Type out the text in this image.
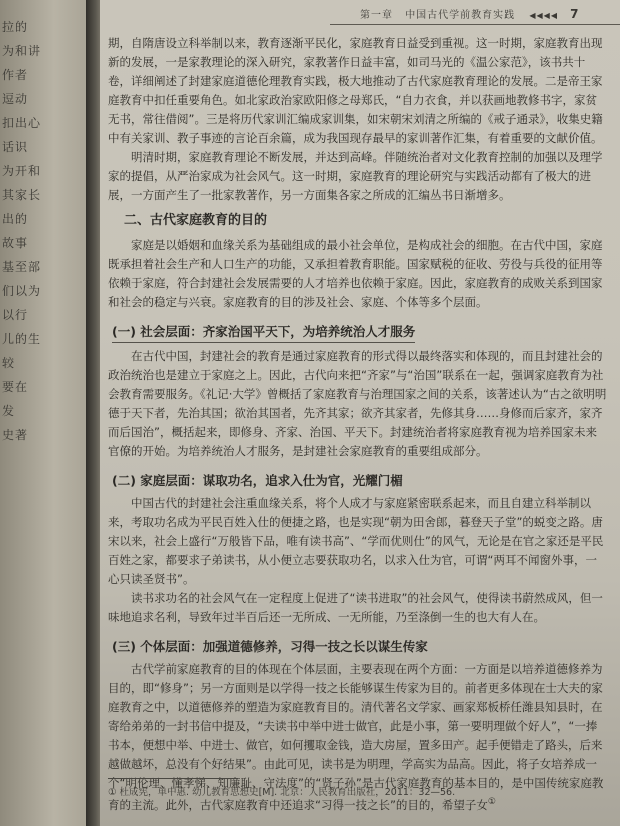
拉的
为和讲
作者
逗动
扣出心
话识
为开和
其家长
出的
故事
基至部
们以为
以行
儿的生
较
要在
发
史著
第一章 中国古代学前教育实践 ◀◀◀◀ 7

期，自隋唐设立科举制以来，教育逐渐平民化，家庭教育日益受到重视。这一时期，家庭教育出现新的发展，一是家教理论的深入研究，家教著作日益丰富，如司马光的《温公家范》，该书共十卷，详细阐述了封建家庭道德伦理教育实践，极大地推动了古代家庭教育理论的发展。二是帝王家庭教育中扣任重要角色。如北家政治家欧阳修之母郑氏，“自力衣食，并以获画地教修书字，家贫无书，常往借阅”。三是将历代家训汇编成家训集，如宋朝宋刘清之所编的《戒子通录》，收集史籍中有关家训、教子事迹的言论百余篇，成为我国现存最早的家训著作汇集，有着重要的文献价值。

明清时期，家庭教育理论不断发展，并达到高峰。伴随统治者对文化教育控制的加强以及理学家的提倡，从严治家成为社会风气。这一时期，家庭教育的理论研究与实践活动都有了极大的进展，一方面产生了一批家教著作，另一方面集各家之所成的汇编丛书日渐增多。

二、古代家庭教育的目的

家庭是以婚姻和血缘关系为基础组成的最小社会单位，是构成社会的细胞。在古代中国，家庭既承担着社会生产和人口生产的功能，又承担着教育职能。国家赋税的征收、劳役与兵役的征用等依赖于家庭，符合封建社会发展需要的人才培养也依赖于家庭。因此，家庭教育的成败关系到国家和社会的稳定与兴衰。家庭教育的目的涉及社会、家庭、个体等多个层面。

(一) 社会层面：齐家治国平天下，为培养统治人才服务

在古代中国，封建社会的教育是通过家庭教育的形式得以最终落实和体现的，而且封建社会的政治统治也是建立于家庭之上。因此，古代向来把“齐家”与“治国”联系在一起，强调家庭教育为社会教育需要服务。《礼记·大学》曾概括了家庭教育与治理国家之间的关系，该著述认为“古之欲明明德于天下者，先治其国；欲治其国者，先齐其家；欲齐其家者，先修其身……身修而后家齐，家齐而后国治”，概括起来，即修身、齐家、治国、平天下。封建统治者将家庭教育视为培养国家未来官僚的开始。为培养统治人才服务，是封建社会家庭教育的重要组成部分。

(二) 家庭层面：谋取功名，追求入仕为官，光耀门楣

中国古代的封建社会注重血缘关系，将个人成才与家庭紧密联系起来，而且自建立科举制以来，考取功名成为平民百姓入仕的便捷之路，也是实现“朝为田舍郎，暮登天子堂”的蜕变之路。唐宋以来，社会上盛行“万般皆下品，唯有读书高”、“学而优则仕”的风气，无论是在官之家还是平民百姓之家，都要求子弟读书，从小便立志要获取功名，以求入仕为官，可谓“两耳不闻窗外事，一心只读圣贤书”。

读书求功名的社会风气在一定程度上促进了“读书进取”的社会风气，使得读书蔚然成风，但一味地追求名利，导致年过半百后还一无所成、一无所能，乃至涤倒一生的也大有人在。

(三) 个体层面：加强道德修养，习得一技之长以谋生传家

古代学前家庭教育的目的体现在个体层面，主要表现在两个方面：一方面是以培养道德修养为目的，即“修身”；另一方面则是以学得一技之长能够谋生传家为目的。前者更多体现在士大夫的家庭教育之中，以道德修养的塑造为家庭教育目的。清代著名文学家、画家郑板桥任潍县知县时，在寄给弟弟的一封书信中提及，“夫读书中举中进士做官，此是小事，第一要明理做个好人”，“一捧书本，便想中举、中进士、做官，如何攫取金钱，造大房屋，置多田产。起手便错走了路头，后来越做越坏，总没有个好结果”。由此可见，读书是为明理，学高实为品高。因此，将子女培养成一个“明伦理、懂孝悌、知廉耻、守法度”的“贤子孙”是古代家庭教育的基本目的，是中国传统家庭教育的主流。此外，古代家庭教育中还追求“习得一技之长”的目的，希望子女①

① 杜成宪，单中惠. 幼儿教育思想史[M]. 北京：人民教育出版社，2011：32—56.
